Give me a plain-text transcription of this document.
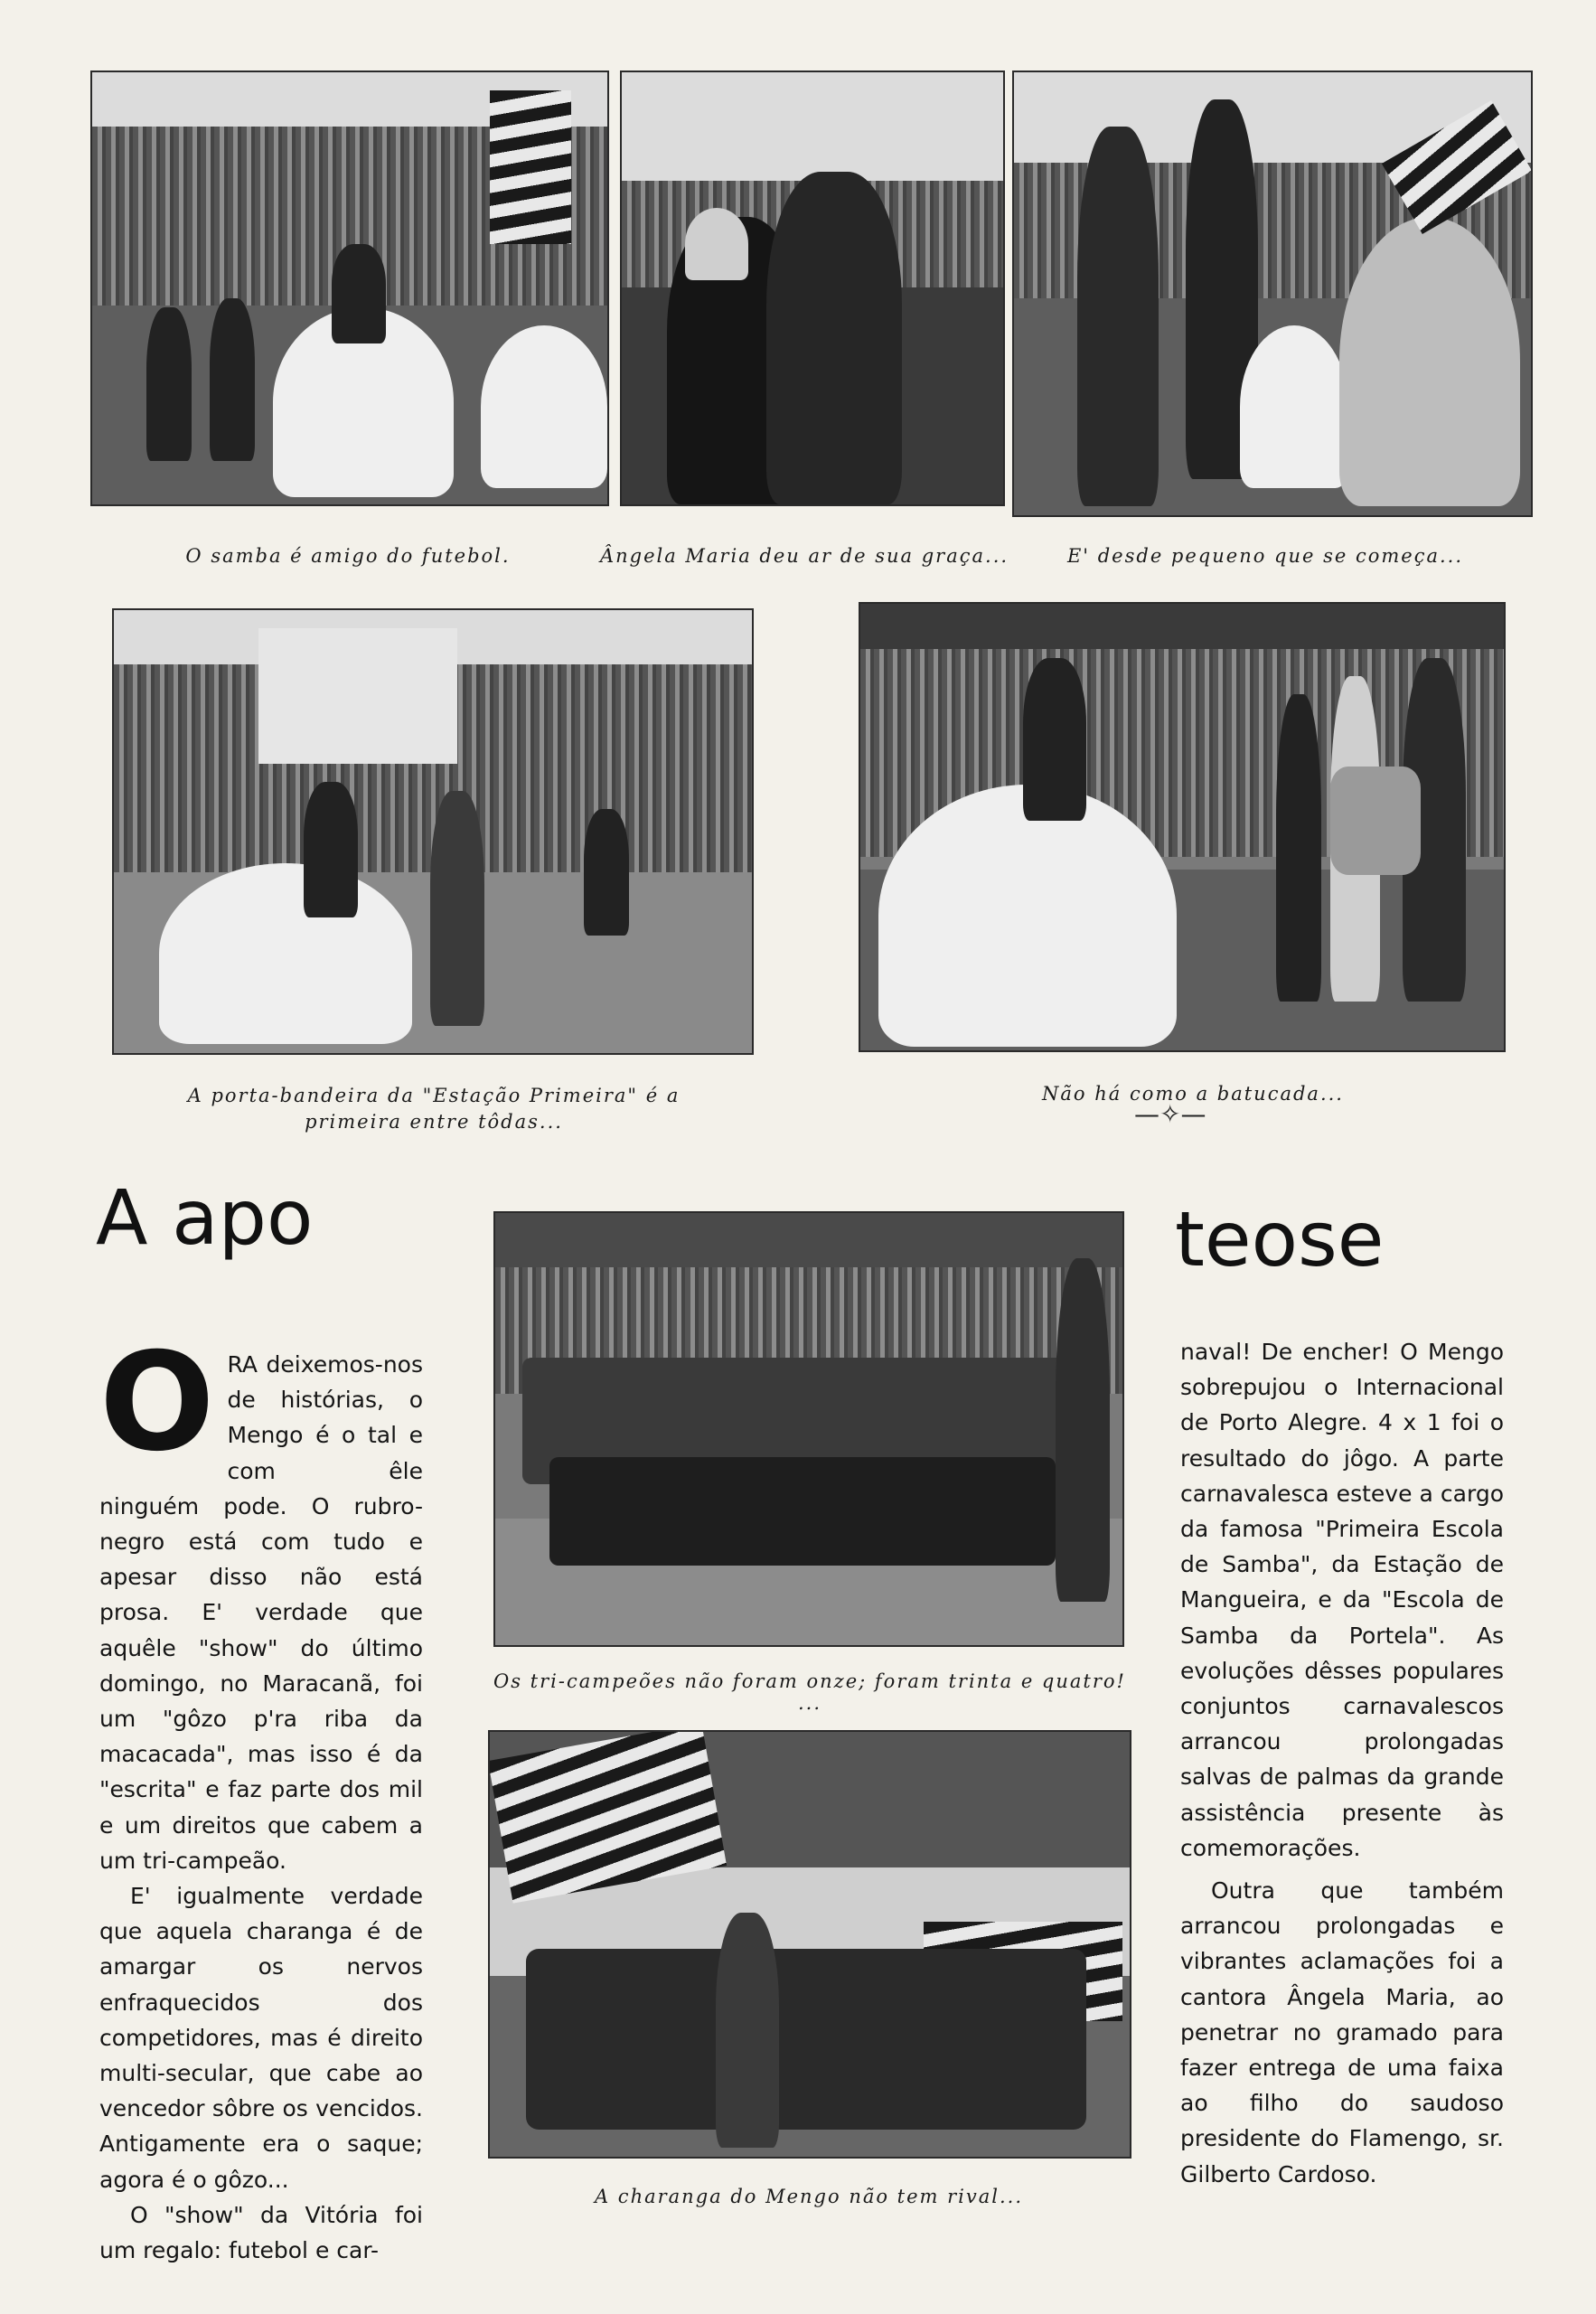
O samba é amigo do futebol.	Ângela Maria deu ar de sua graça...	E' desde pequeno que se começa...
A porta-bandeira da "Estação Primeira" é a primeira entre tôdas...
Não há como a batucada...
—✧—
A apo	teose
Os tri-campeões não foram onze; foram trinta e quatro! ...
A charanga do Mengo não tem rival...

O RA deixemos-nos de histórias, o Mengo é o tal e com êle ninguém pode. O rubro-negro está com tudo e apesar disso não está prosa. E' verdade que aquêle "show" do último domingo, no Maracanã, foi um "gôzo p'ra riba da macacada", mas isso é da "escrita" e faz parte dos mil e um direitos que cabem a um tri-campeão.

E' igualmente verdade que aquela charanga é de amargar os nervos enfraquecidos dos competidores, mas é direito multi-secular, que cabe ao vencedor sôbre os vencidos. Antigamente era o saque; agora é o gôzo...

O "show" da Vitória foi um regalo: futebol e car-

naval! De encher! O Mengo sobrepujou o Internacional de Porto Alegre. 4 x 1 foi o resultado do jôgo. A parte carnavalesca esteve a cargo da famosa "Primeira Escola de Samba", da Estação de Mangueira, e da "Escola de Samba da Portela". As evoluções dêsses populares conjuntos carnavalescos arrancou prolongadas salvas de palmas da grande assistência presente às comemorações.

Outra que também arrancou prolongadas e vibrantes aclamações foi a cantora Ângela Maria, ao penetrar no gramado para fazer entrega de uma faixa ao filho do saudoso presidente do Flamengo, sr. Gilberto Cardoso.
